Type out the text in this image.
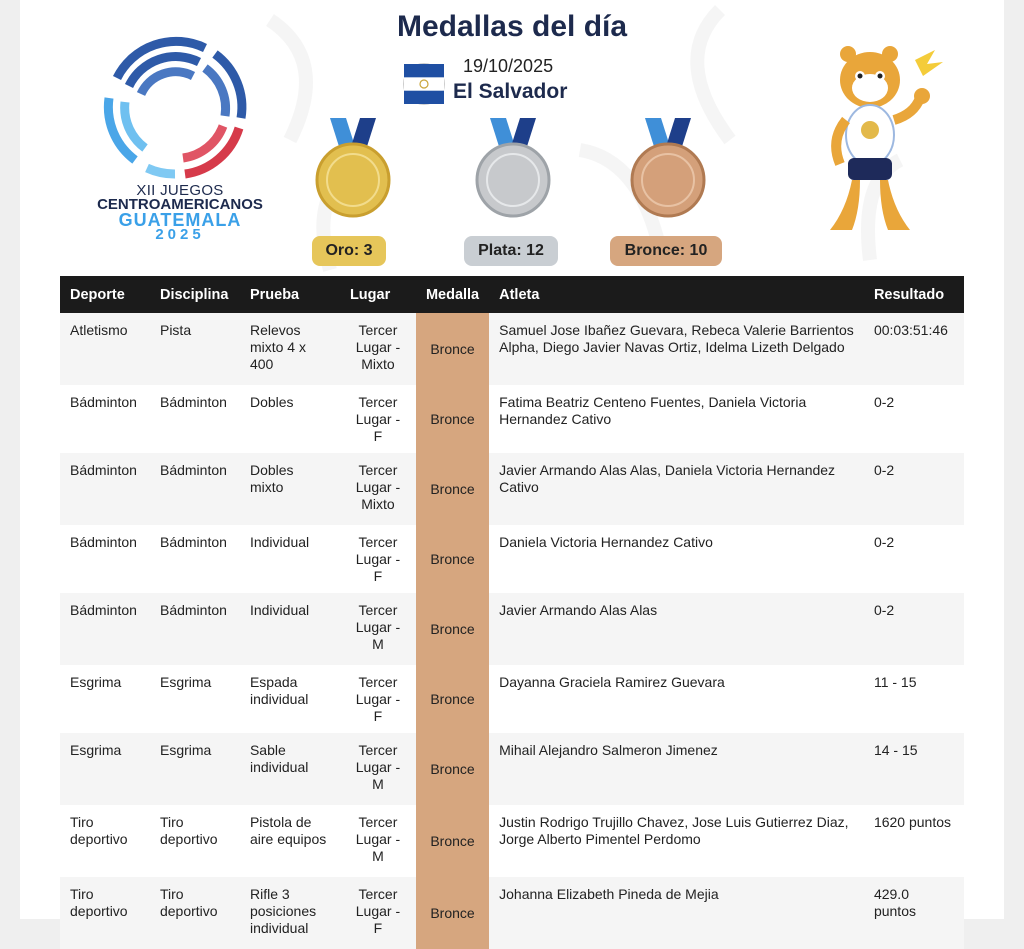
XII JUEGOS
CENTROAMERICANOS
GUATEMALA
2025
Medallas del día
19/10/2025
El Salvador
Oro: 3	Plata: 12	Bronce: 10
Deporte	Disciplina	Prueba	Lugar	Medalla	Atleta	Resultado
Atletismo	Pista	Relevos mixto 4 x 400	Tercer Lugar - Mixto	Bronce	Samuel Jose Ibañez Guevara, Rebeca Valerie Barrientos Alpha, Diego Javier Navas Ortiz, Idelma Lizeth Delgado	00:03:51:46
Bádminton	Bádminton	Dobles	Tercer Lugar - F	Bronce	Fatima Beatriz Centeno Fuentes, Daniela Victoria Hernandez Cativo	0-2
Bádminton	Bádminton	Dobles mixto	Tercer Lugar - Mixto	Bronce	Javier Armando Alas Alas, Daniela Victoria Hernandez Cativo	0-2
Bádminton	Bádminton	Individual	Tercer Lugar - F	Bronce	Daniela Victoria Hernandez Cativo	0-2
Bádminton	Bádminton	Individual	Tercer Lugar - M	Bronce	Javier Armando Alas Alas	0-2
Esgrima	Esgrima	Espada individual	Tercer Lugar - F	Bronce	Dayanna Graciela Ramirez Guevara	11 - 15
Esgrima	Esgrima	Sable individual	Tercer Lugar - M	Bronce	Mihail Alejandro Salmeron Jimenez	14 - 15
Tiro deportivo	Tiro deportivo	Pistola de aire equipos	Tercer Lugar - M	Bronce	Justin Rodrigo Trujillo Chavez, Jose Luis Gutierrez Diaz, Jorge Alberto Pimentel Perdomo	1620 puntos
Tiro deportivo	Tiro deportivo	Rifle 3 posiciones individual	Tercer Lugar - F	Bronce	Johanna Elizabeth Pineda de Mejia	429.0 puntos
